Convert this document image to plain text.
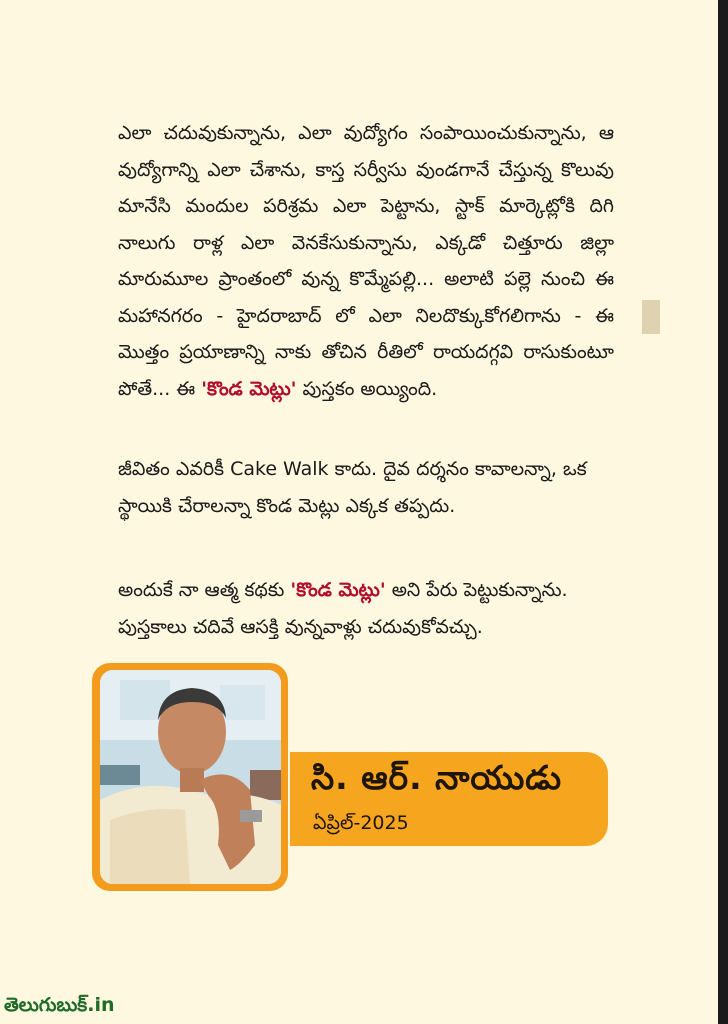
ఎలా చదువుకున్నాను, ఎలా వుద్యోగం సంపాయించుకున్నాను, ఆ వుద్యోగాన్ని ఎలా చేశాను, కాస్త సర్వీసు వుండగానే చేస్తున్న కొలువు మానేసి మందుల పరిశ్రమ ఎలా పెట్టాను, స్టాక్ మార్కెట్లోకి దిగి నాలుగు రాళ్ల ఎలా వెనకేసుకున్నాను, ఎక్కడో చిత్తూరు జిల్లా మారుమూల ప్రాంతంలో వున్న కొమ్మేపల్లి... అలాటి పల్లె నుంచి ఈ మహానగరం - హైదరాబాద్ లో ఎలా నిలదొక్కుకోగలిగాను - ఈ మొత్తం ప్రయాణాన్ని నాకు తోచిన రీతిలో రాయదగ్గవి రాసుకుంటూ పోతే... ఈ 'కొండ మెట్లు' పుస్తకం అయ్యింది.
జీవితం ఎవరికీ Cake Walk కాదు. దైవ దర్శనం కావాలన్నా, ఒక స్థాయికి చేరాలన్నా కొండ మెట్లు ఎక్కక తప్పదు.
అందుకే నా ఆత్మ కథకు 'కొండ మెట్లు' అని పేరు పెట్టుకున్నాను. పుస్తకాలు చదివే ఆసక్తి వున్నవాళ్లు చదువుకోవచ్చు.
సి. ఆర్. నాయుడు
ఏప్రిల్-2025
తెలుగుబుక్.in
